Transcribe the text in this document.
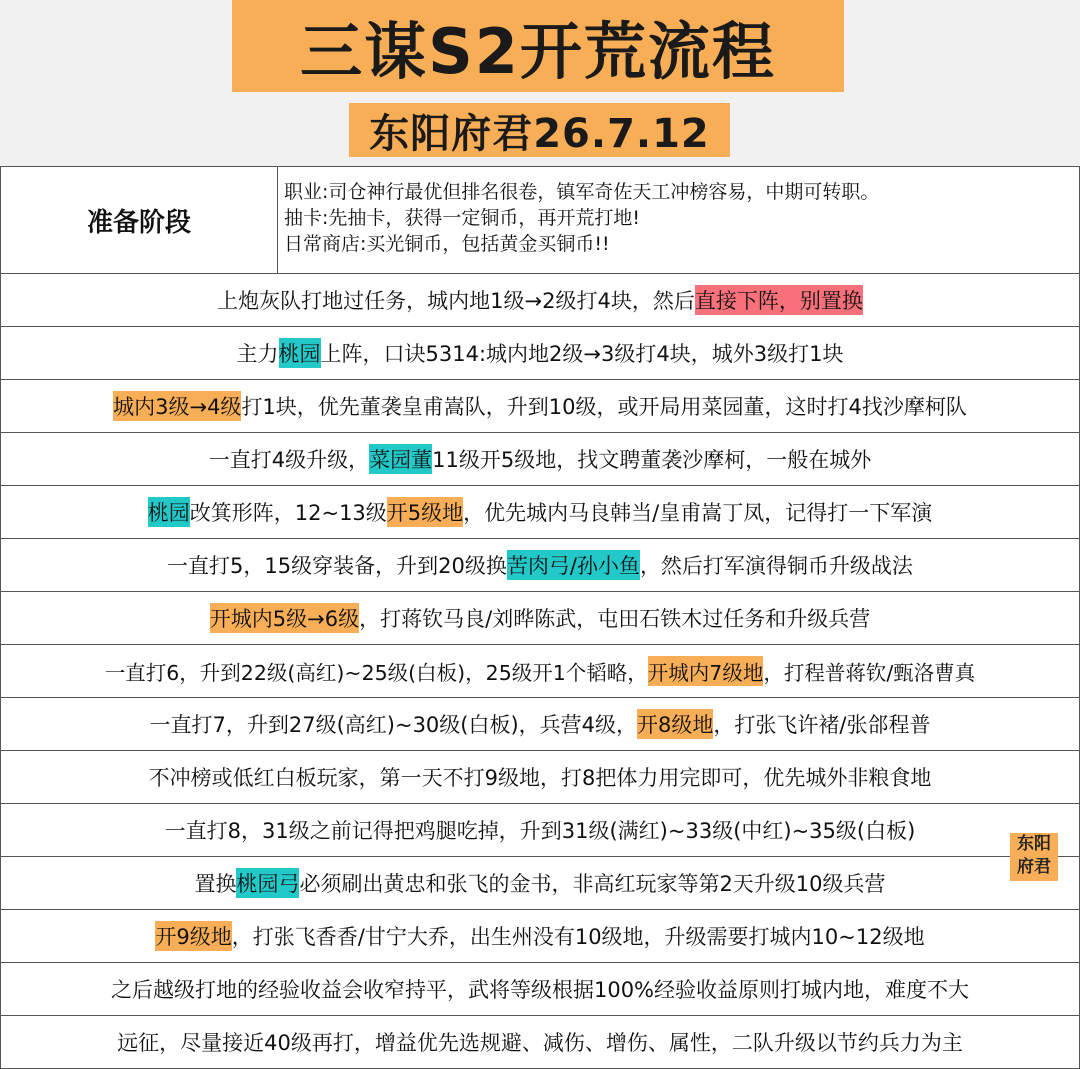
三谋S2开荒流程
东阳府君26.7.12
准备阶段
职业:司仓神行最优但排名很卷，镇军奇佐天工冲榜容易，中期可转职。
抽卡:先抽卡，获得一定铜币，再开荒打地!
日常商店:买光铜币，包括黄金买铜币!!
上炮灰队打地过任务，城内地1级→2级打4块，然后 直接下阵，别置换
主力 桃园 上阵，口诀5314:城内地2级→3级打4块，城外3级打1块
城内3级→4级 打1块，优先董袭皇甫嵩队，升到10级，或开局用菜园董，这时打4找沙摩柯队
一直打4级升级， 菜园董 11级开5级地，找文聘董袭沙摩柯，一般在城外
桃园 改箕形阵，12~13级 开5级地 ，优先城内马良韩当/皇甫嵩丁凤，记得打一下军演
一直打5，15级穿装备，升到20级换 苦肉弓/孙小鱼 ，然后打军演得铜币升级战法
开城内5级→6级 ，打蒋钦马良/刘晔陈武，屯田石铁木过任务和升级兵营
一直打6，升到22级(高红)~25级(白板)，25级开1个韬略， 开城内7级地 ，打程普蒋钦/甄洛曹真
一直打7，升到27级(高红)~30级(白板)，兵营4级， 开8级地 ，打张飞许褚/张郃程普
不冲榜或低红白板玩家，第一天不打9级地，打8把体力用完即可，优先城外非粮食地
一直打8，31级之前记得把鸡腿吃掉，升到31级(满红)~33级(中红)~35级(白板)
置换 桃园弓 必须刷出黄忠和张飞的金书，非高红玩家等第2天升级10级兵营
开9级地 ，打张飞香香/甘宁大乔，出生州没有10级地，升级需要打城内10~12级地
之后越级打地的经验收益会收窄持平，武将等级根据100%经验收益原则打城内地，难度不大
远征，尽量接近40级再打，增益优先选规避、减伤、增伤、属性，二队升级以节约兵力为主
东阳
府君
